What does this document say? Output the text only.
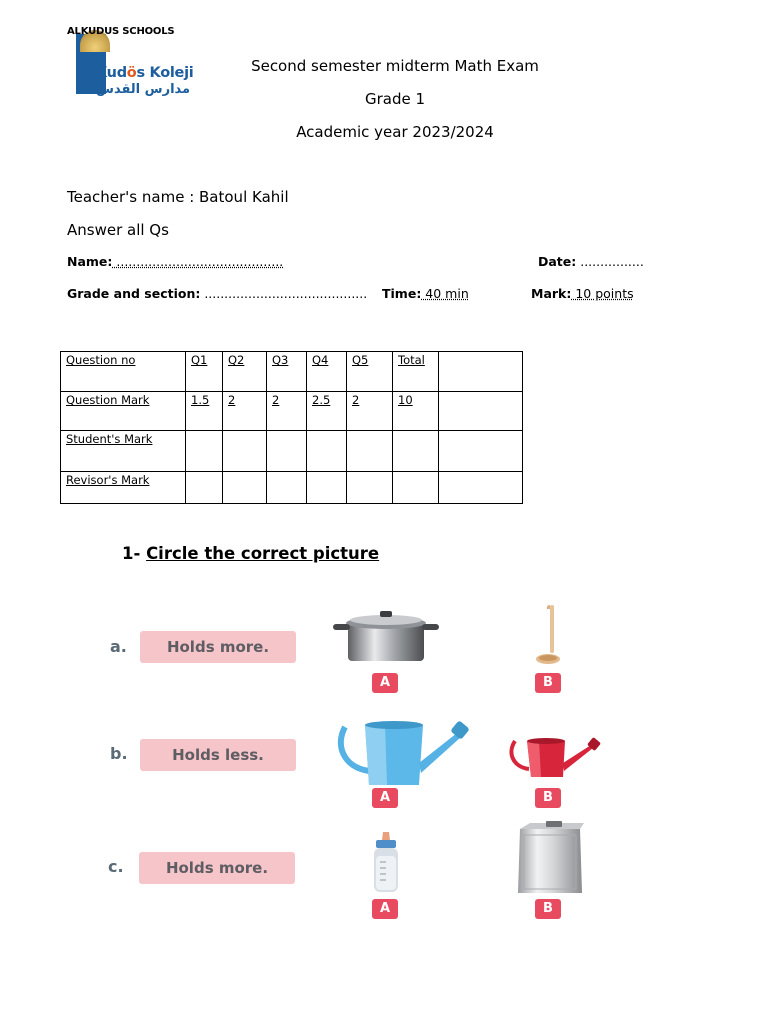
Kudös Koleji
مدارس القدس
ALKUDUS SCHOOLS
Second semester midterm Math Exam
Grade 1
Academic year 2023/2024
Teacher's name : Batoul Kahil
Answer all Qs
Name: ..........................................	Date: ................
Grade and section: ......................................... Time: 40 min	Mark: 10 points
Question no	Q1	Q2	Q3	Q4	Q5	Total	
Question Mark	1.5	2	2	2.5	2	10	
Student's Mark							
Revisor's Mark							
1- Circle the correct picture
a.	Holds more.
A	B
b.	Holds less.
A	B
c.	Holds more.
A	B
